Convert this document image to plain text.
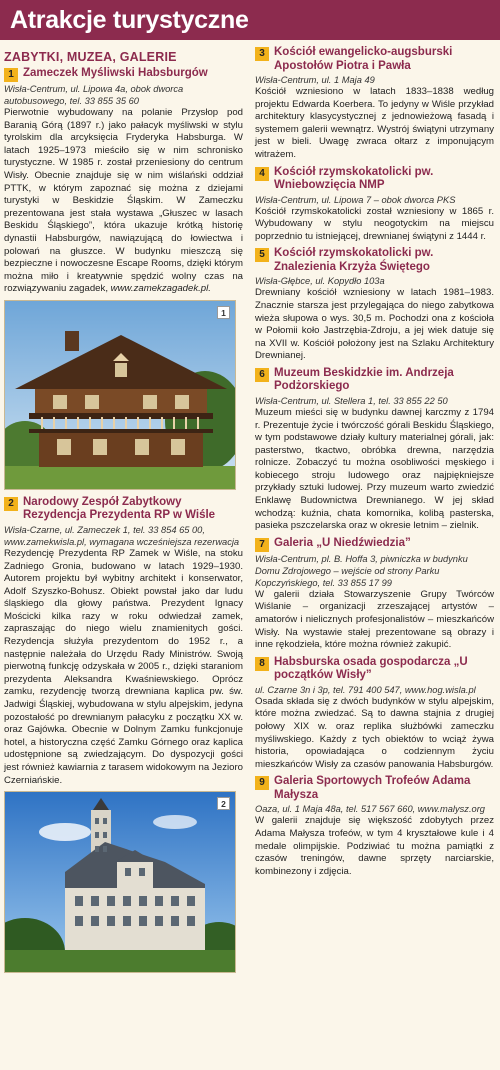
Atrakcje turystyczne
ZABYTKI, MUZEA, GALERIE
1 Zameczek Myśliwski Habsburgów
Wisła-Centrum, ul. Lipowa 4a, obok dworca autobusowego, tel. 33 855 35 60

Pierwotnie wybudowany na polanie Przysłop pod Baranią Górą (1897 r.) jako pałacyk myśliwski w stylu tyrolskim dla arcyksięcia Fryderyka Habsburga. W latach 1925–1973 mieściło się w nim schronisko turystyczne. W 1985 r. został przeniesiony do centrum Wisły. Obecnie znajduje się w nim wiślański oddział PTTK, w którym zapoznać się można z dziejami turystyki w Beskidzie Śląskim. W Zameczku prezentowana jest stała wystawa „Głuszec w lasach Beskidu Śląskiego”, która ukazuje krótką historię dynastii Habsburgów, nawiązującą do łowiectwa i polowań na głuszce. W budynku mieszczą się bezpieczne i nowoczesne Escape Rooms, dzięki którym można miło i kreatywnie spędzić wolny czas na rozwiązywaniu zagadek, www.zamekzagadek.pl.

1
2 Narodowy Zespół Zabytkowy Rezydencja Prezydenta RP w Wiśle
Wisła-Czarne, ul. Zameczek 1, tel. 33 854 65 00, www.zamekwisla.pl, wymagana wcześniejsza rezerwacja

Rezydencję Prezydenta RP Zamek w Wiśle, na stoku Zadniego Gronia, budowano w latach 1929–1930. Autorem projektu był wybitny architekt i konserwator, Adolf Szyszko-Bohusz. Obiekt powstał jako dar ludu śląskiego dla głowy państwa. Prezydent Ignacy Mościcki kilka razy w roku odwiedzał zamek, zapraszając do niego wielu znamienitych gości. Rezydencja służyła prezydentom do 1952 r., a następnie należała do Urzędu Rady Ministrów. Swoją pierwotną funkcję odzyskała w 2005 r., dzięki staraniom prezydenta Aleksandra Kwaśniewskiego. Oprócz zamku, rezydencję tworzą drewniana kaplica pw. św. Jadwigi Śląskiej, wybudowana w stylu alpejskim, jedyna pozostałość po drewnianym pałacyku z początku XX w. oraz Gajówka. Obecnie w Dolnym Zamku funkcjonuje hotel, a historyczna część Zamku Górnego oraz kaplica udostępnione są zwiedzającym. Do dyspozycji gości jest również kawiarnia z tarasem widokowym na Jezioro Czerniańskie.

2
3 Kościół ewangelicko-augsburski Apostołów Piotra i Pawła
Wisła-Centrum, ul. 1 Maja 49

Kościół wzniesiono w latach 1833–1838 według projektu Edwarda Koerbera. To jedyny w Wiśle przykład architektury klasycystycznej z jednowieżową fasadą i systemem galerii wewnątrz. Wystrój świątyni utrzymany jest w bieli. Uwagę zwraca ołtarz z imponującym witrażem.

4 Kościół rzymskokatolicki pw. Wniebowzięcia NMP
Wisła-Centrum, ul. Lipowa 7 – obok dworca PKS

Kościół rzymskokatolicki został wzniesiony w 1865 r. Wybudowany w stylu neogotyckim na miejscu poprzednio tu istniejącej, drewnianej świątyni z 1444 r.

5 Kościół rzymskokatolicki pw. Znalezienia Krzyża Świętego
Wisła-Głębce, ul. Kopydło 103a

Drewniany kościół wzniesiony w latach 1981–1983. Znacznie starsza jest przylegająca do niego zabytkowa wieża słupowa o wys. 30,5 m. Pochodzi ona z kościoła w Połomii koło Jastrzębia-Zdroju, a jej wiek datuje się na XVII w. Kościół położony jest na Szlaku Architektury Drewnianej.

6 Muzeum Beskidzkie im. Andrzeja Podżorskiego
Wisła-Centrum, ul. Stellera 1, tel. 33 855 22 50

Muzeum mieści się w budynku dawnej karczmy z 1794 r. Prezentuje życie i twórczość górali Beskidu Śląskiego, w tym podstawowe działy kultury materialnej górali, jak: pasterstwo, tkactwo, obróbka drewna, narzędzia rolnicze. Zobaczyć tu można osobliwości męskiego i kobiecego stroju ludowego oraz najpiękniejsze przykłady sztuki ludowej. Przy muzeum warto zwiedzić Enklawę Budownictwa Drewnianego. W jej skład wchodzą: kuźnia, chata komornika, kolibą pasterska, pasieka pszczelarska oraz w okresie letnim – zielnik.

7 Galeria „U Niedźwiedzia”
Wisła-Centrum, pl. B. Hoffa 3, piwniczka w budynku Domu Zdrojowego – wejście od strony Parku Kopczyńskiego, tel. 33 855 17 99

W galerii działa Stowarzyszenie Grupy Twórców Wiślanie – organizacji zrzeszającej artystów – amatorów i nielicznych profesjonalistów – mieszkańców Wisły. Na wystawie stałej prezentowane są obrazy i inne rękodzieła, które można również zakupić.

8 Habsburska osada gospodarcza „U początków Wisły”
ul. Czarne 3n i 3p, tel. 791 400 547, www.hog.wisla.pl

Osada składa się z dwóch budynków w stylu alpejskim, które można zwiedzać. Są to dawna stajnia z drugiej połowy XIX w. oraz replika służbówki zameczku myśliwskiego. Każdy z tych obiektów to wciąż żywa historia, opowiadająca o codziennym życiu mieszkańców Wisły za czasów panowania Habsburgów.

9 Galeria Sportowych Trofeów Adama Małysza
Oaza, ul. 1 Maja 48a, tel. 517 567 660, www.malysz.org

W galerii znajduje się większość zdobytych przez Adama Małysza trofeów, w tym 4 kryształowe kule i 4 medale olimpijskie. Podziwiać tu można pamiątki z czasów treningów, dawne sprzęty narciarskie, kombinezony i zdjęcia.
